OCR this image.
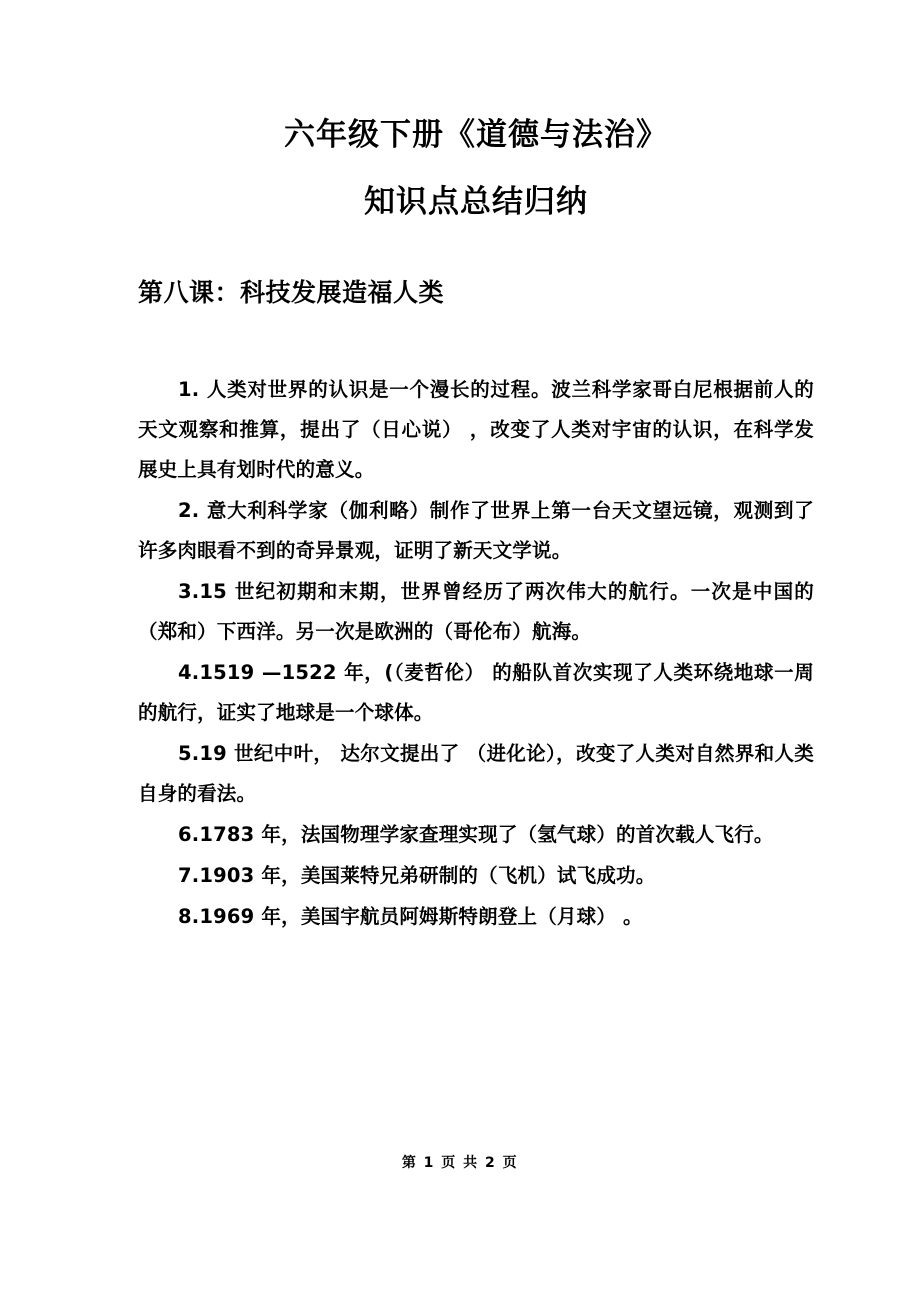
六年级下册《道德与法治》
知识点总结归纳
第八课：科技发展造福人类

1. 人类对世界的认识是一个漫长的过程。波兰科学家哥白尼根据前人的天文观察和推算，提出了（日心说） ，改变了人类对宇宙的认识，在科学发展史上具有划时代的意义。

2. 意大利科学家（伽利略）制作了世界上第一台天文望远镜，观测到了许多肉眼看不到的奇异景观，证明了新天文学说。

3.15 世纪初期和末期，世界曾经历了两次伟大的航行。一次是中国的（郑和）下西洋。另一次是欧洲的（哥伦布）航海。

4.1519 —1522 年，(（麦哲伦） 的船队首次实现了人类环绕地球一周的航行，证实了地球是一个球体。

5.19 世纪中叶， 达尔文提出了 （进化论），改变了人类对自然界和人类自身的看法。

6.1783 年，法国物理学家查理实现了（氢气球）的首次载人飞行。

7.1903 年，美国莱特兄弟研制的（飞机）试飞成功。

8.1969 年，美国宇航员阿姆斯特朗登上（月球） 。

第 1 页 共 2 页
